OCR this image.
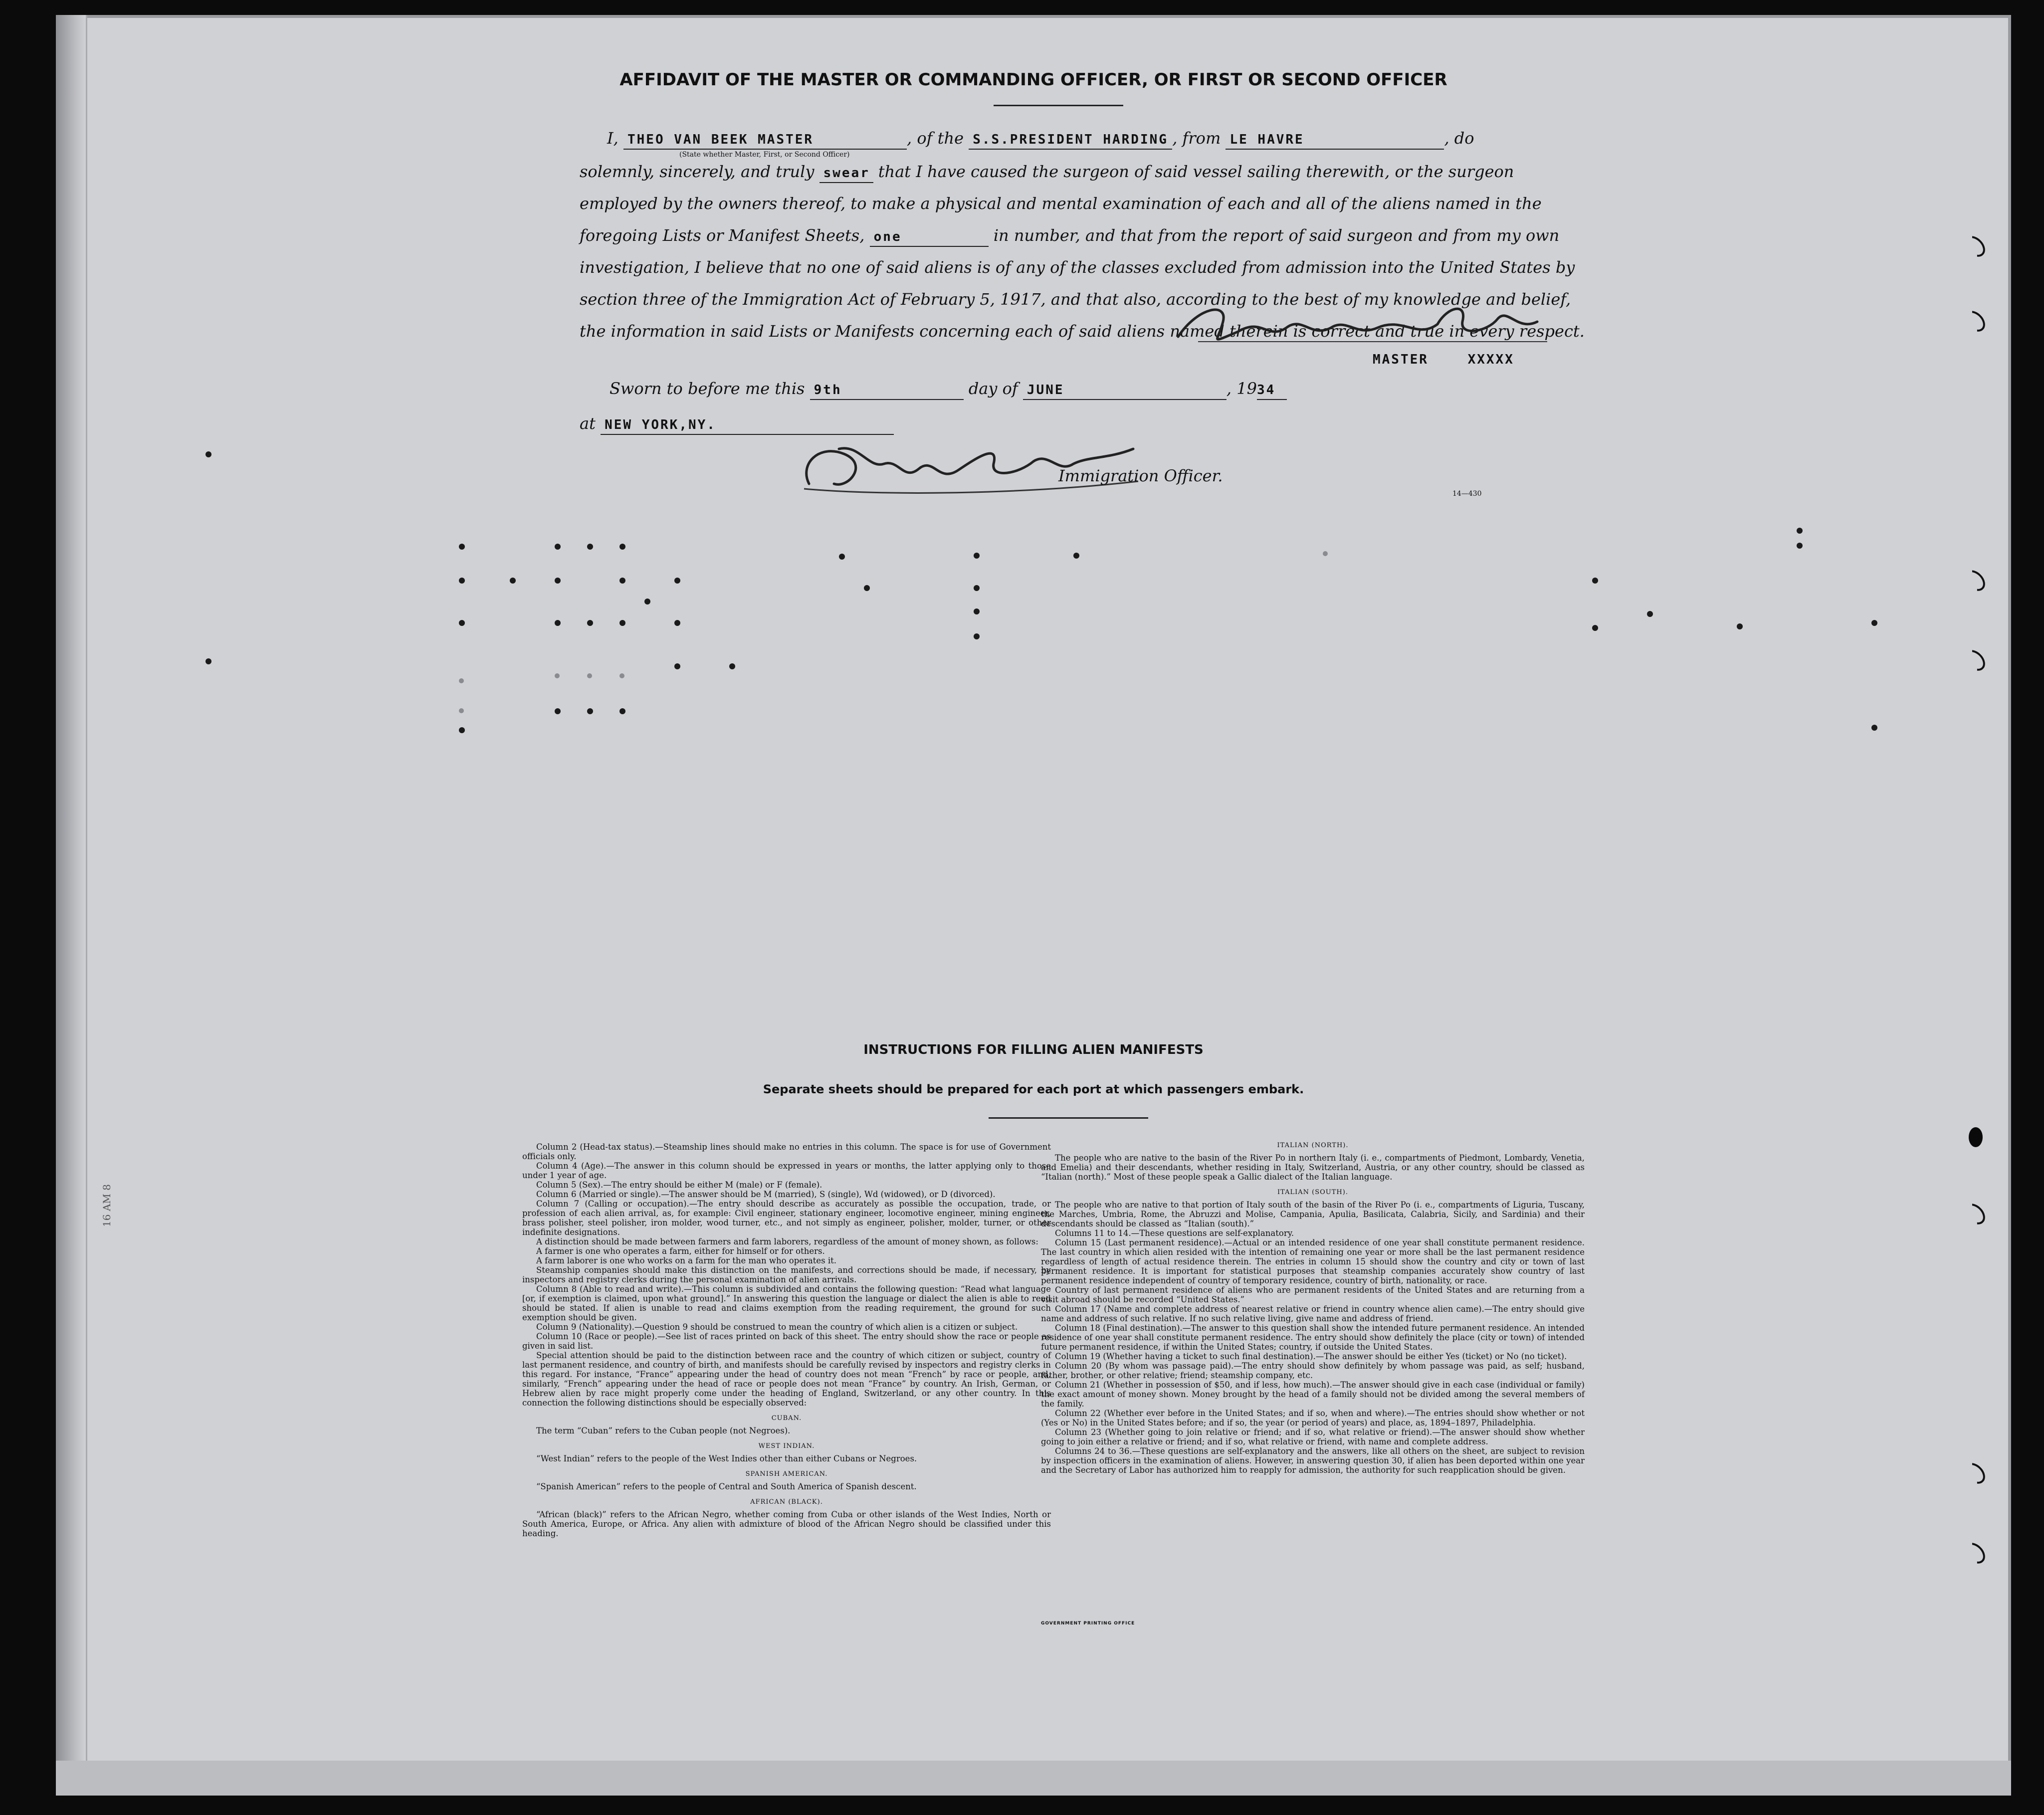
16 AM 8
AFFIDAVIT OF THE MASTER OR COMMANDING OFFICER, OR FIRST OR SECOND OFFICER
I, THEO VAN BEEK MASTER	, of the S.S.PRESIDENT HARDING , from LE HAVRE	, do
(State whether Master, First, or Second Officer)
solemnly, sincerely, and truly swear that I have caused the surgeon of said vessel sailing therewith, or the surgeon
employed by the owners thereof, to make a physical and mental examination of each and all of the aliens named in the
foregoing Lists or Manifest Sheets, one	in number, and that from the report of said surgeon and from my own
investigation, I believe that no one of said aliens is of any of the classes excluded from admission into the United States by
section three of the Immigration Act of February 5, 1917, and that also, according to the best of my knowledge and belief,
the information in said Lists or Manifests concerning each of said aliens named therein is correct and true in every respect.
MASTER	XXXXX
Sworn to before me this 9th	day of JUNE	, 1934
at NEW YORK,NY.
Immigration Officer.
14—430
INSTRUCTIONS FOR FILLING ALIEN MANIFESTS
Separate sheets should be prepared for each port at which passengers embark.

Column 2 (Head-tax status).—Steamship lines should make no entries in this column. The space is for use of Government officials only.

Column 4 (Age).—The answer in this column should be expressed in years or months, the latter applying only to those under 1 year of age.

Column 5 (Sex).—The entry should be either M (male) or F (female).

Column 6 (Married or single).—The answer should be M (married), S (single), Wd (widowed), or D (divorced).

Column 7 (Calling or occupation).—The entry should describe as accurately as possible the occupation, trade, or profession of each alien arrival, as, for example: Civil engineer, stationary engineer, locomotive engineer, mining engineer, brass polisher, steel polisher, iron molder, wood turner, etc., and not simply as engineer, polisher, molder, turner, or other indefinite designations.

A distinction should be made between farmers and farm laborers, regardless of the amount of money shown, as follows:

A farmer is one who operates a farm, either for himself or for others.

A farm laborer is one who works on a farm for the man who operates it.

Steamship companies should make this distinction on the manifests, and corrections should be made, if necessary, by inspectors and registry clerks during the personal examination of alien arrivals.

Column 8 (Able to read and write).—This column is subdivided and contains the following question: “Read what language [or, if exemption is claimed, upon what ground].” In answering this question the language or dialect the alien is able to read should be stated. If alien is unable to read and claims exemption from the reading requirement, the ground for such exemption should be given.

Column 9 (Nationality).—Question 9 should be construed to mean the country of which alien is a citizen or subject.

Column 10 (Race or people).—See list of races printed on back of this sheet. The entry should show the race or people as given in said list.

Special attention should be paid to the distinction between race and the country of which citizen or subject, country of last permanent residence, and country of birth, and manifests should be carefully revised by inspectors and registry clerks in this regard. For instance, “France” appearing under the head of country does not mean “French” by race or people, and, similarly, “French” appearing under the head of race or people does not mean “France” by country. An Irish, German, or Hebrew alien by race might properly come under the heading of England, Switzerland, or any other country. In this connection the following distinctions should be especially observed:

CUBAN.

The term “Cuban” refers to the Cuban people (not Negroes).

WEST INDIAN.

“West Indian” refers to the people of the West Indies other than either Cubans or Negroes.

SPANISH AMERICAN.

“Spanish American” refers to the people of Central and South America of Spanish descent.

AFRICAN (BLACK).

“African (black)” refers to the African Negro, whether coming from Cuba or other islands of the West Indies, North or South America, Europe, or Africa. Any alien with admixture of blood of the African Negro should be classified under this heading.

ITALIAN (NORTH).

The people who are native to the basin of the River Po in northern Italy (i. e., compartments of Piedmont, Lombardy, Venetia, and Emelia) and their descendants, whether residing in Italy, Switzerland, Austria, or any other country, should be classed as “Italian (north).” Most of these people speak a Gallic dialect of the Italian language.

ITALIAN (SOUTH).

The people who are native to that portion of Italy south of the basin of the River Po (i. e., compartments of Liguria, Tuscany, the Marches, Umbria, Rome, the Abruzzi and Molise, Campania, Apulia, Basilicata, Calabria, Sicily, and Sardinia) and their descendants should be classed as “Italian (south).”

Columns 11 to 14.—These questions are self-explanatory.

Column 15 (Last permanent residence).—Actual or an intended residence of one year shall constitute permanent residence. The last country in which alien resided with the intention of remaining one year or more shall be the last permanent residence regardless of length of actual residence therein. The entries in column 15 should show the country and city or town of last permanent residence. It is important for statistical purposes that steamship companies accurately show country of last permanent residence independent of country of temporary residence, country of birth, nationality, or race.

Country of last permanent residence of aliens who are permanent residents of the United States and are returning from a visit abroad should be recorded “United States.”

Column 17 (Name and complete address of nearest relative or friend in country whence alien came).—The entry should give name and address of such relative. If no such relative living, give name and address of friend.

Column 18 (Final destination).—The answer to this question shall show the intended future permanent residence. An intended residence of one year shall constitute permanent residence. The entry should show definitely the place (city or town) of intended future permanent residence, if within the United States; country, if outside the United States.

Column 19 (Whether having a ticket to such final destination).—The answer should be either Yes (ticket) or No (no ticket).

Column 20 (By whom was passage paid).—The entry should show definitely by whom passage was paid, as self; husband, father, brother, or other relative; friend; steamship company, etc.

Column 21 (Whether in possession of $50, and if less, how much).—The answer should give in each case (individual or family) the exact amount of money shown. Money brought by the head of a family should not be divided among the several members of the family.

Column 22 (Whether ever before in the United States; and if so, when and where).—The entries should show whether or not (Yes or No) in the United States before; and if so, the year (or period of years) and place, as, 1894–1897, Philadelphia.

Column 23 (Whether going to join relative or friend; and if so, what relative or friend).—The answer should show whether going to join either a relative or friend; and if so, what relative or friend, with name and complete address.

Columns 24 to 36.—These questions are self-explanatory and the answers, like all others on the sheet, are subject to revision by inspection officers in the examination of aliens. However, in answering question 30, if alien has been deported within one year and the Secretary of Labor has authorized him to reapply for admission, the authority for such reapplication should be given.

GOVERNMENT PRINTING OFFICE
